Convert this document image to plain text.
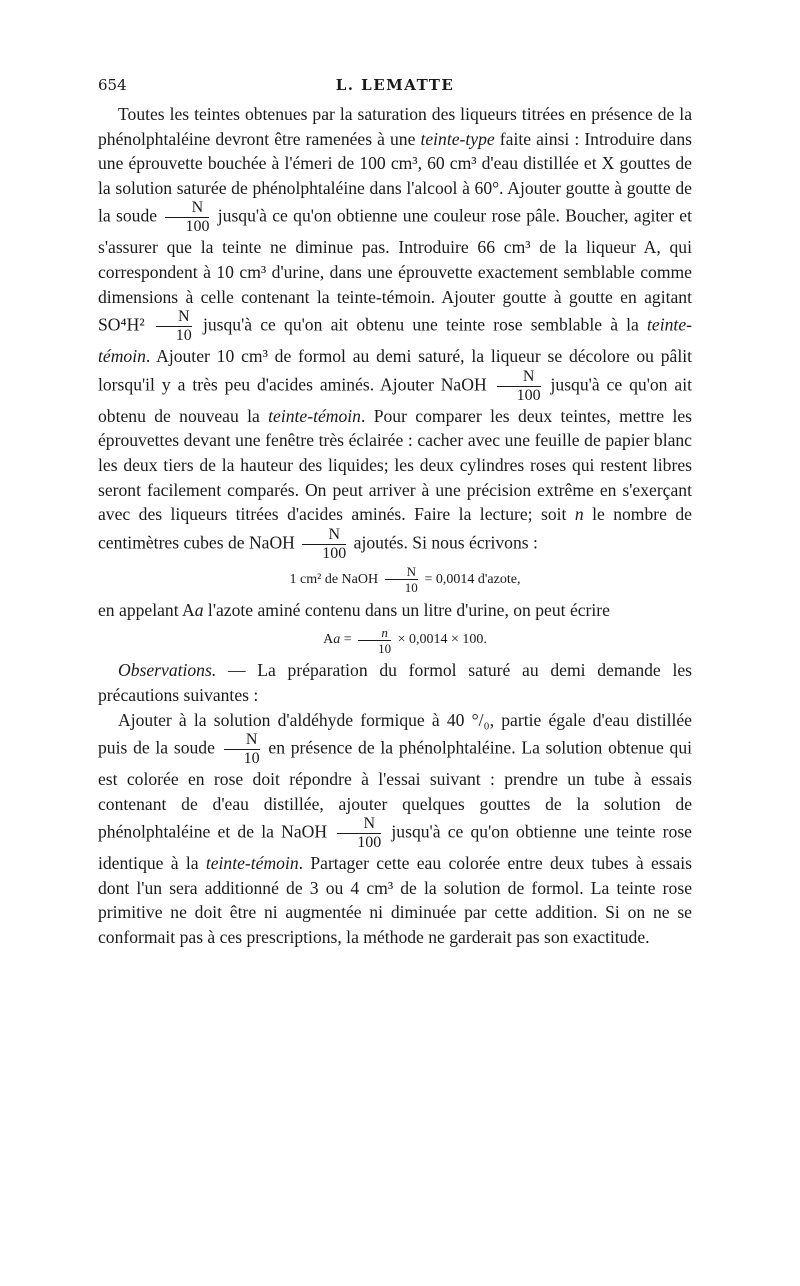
654	L. LEMATTE

Toutes les teintes obtenues par la saturation des liqueurs titrées en présence de la phénolphtaléine devront être ramenées à une teinte-type faite ainsi : Introduire dans une éprouvette bouchée à l'émeri de 100 cm³, 60 cm³ d'eau distillée et X gouttes de la solution saturée de phénolphtaléine dans l'alcool à 60°. Ajouter goutte à goutte de la soude $\frac{N}{100}$ jusqu'à ce qu'on obtienne une couleur rose pâle. Boucher, agiter et s'assurer que la teinte ne diminue pas. Introduire 66 cm³ de la liqueur A, qui correspondent à 10 cm³ d'urine, dans une éprouvette exactement semblable comme dimensions à celle contenant la teinte-témoin. Ajouter goutte à goutte en agitant $SO^4H^2 \frac{N}{10}$ jusqu'à ce qu'on ait obtenu une teinte rose semblable à la teinte-témoin. Ajouter 10 cm³ de formol au demi saturé, la liqueur se décolore ou pâlit lorsqu'il y a très peu d'acides aminés. Ajouter NaOH $\frac{N}{100}$ jusqu'à ce qu'on ait obtenu de nouveau la teinte-témoin. Pour comparer les deux teintes, mettre les éprouvettes devant une fenêtre très éclairée : cacher avec une feuille de papier blanc les deux tiers de la hauteur des liquides; les deux cylindres roses qui restent libres seront facilement comparés. On peut arriver à une précision extrême en s'exerçant avec des liqueurs titrées d'acides aminés. Faire la lecture; soit n le nombre de centimètres cubes de NaOH $\frac{N}{100}$ ajoutés. Si nous écrivons :

1 cm² de NaOH $\frac{N}{10} = 0,0014$ d'azote,

en appelant Aa l'azote aminé contenu dans un litre d'urine, on peut écrire

$Aa = \frac{n}{10} \times 0,0014 \times 100$.

Observations. — La préparation du formol saturé au demi demande les précautions suivantes :

Ajouter à la solution d'aldéhyde formique à 40 °/₀, partie égale d'eau distillée puis de la soude $\frac{N}{10}$ en présence de la phénolphtaléine. La solution obtenue qui est colorée en rose doit répondre à l'essai suivant : prendre un tube à essais contenant de d'eau distillée, ajouter quelques gouttes de la solution de phénolphtaléine et de la NaOH $\frac{N}{100}$ jusqu'à ce qu'on obtienne une teinte rose identique à la teinte-témoin. Partager cette eau colorée entre deux tubes à essais dont l'un sera additionné de 3 ou 4 cm³ de la solution de formol. La teinte rose primitive ne doit être ni augmentée ni diminuée par cette addition. Si on ne se conformait pas à ces prescriptions, la méthode ne garderait pas son exactitude.
